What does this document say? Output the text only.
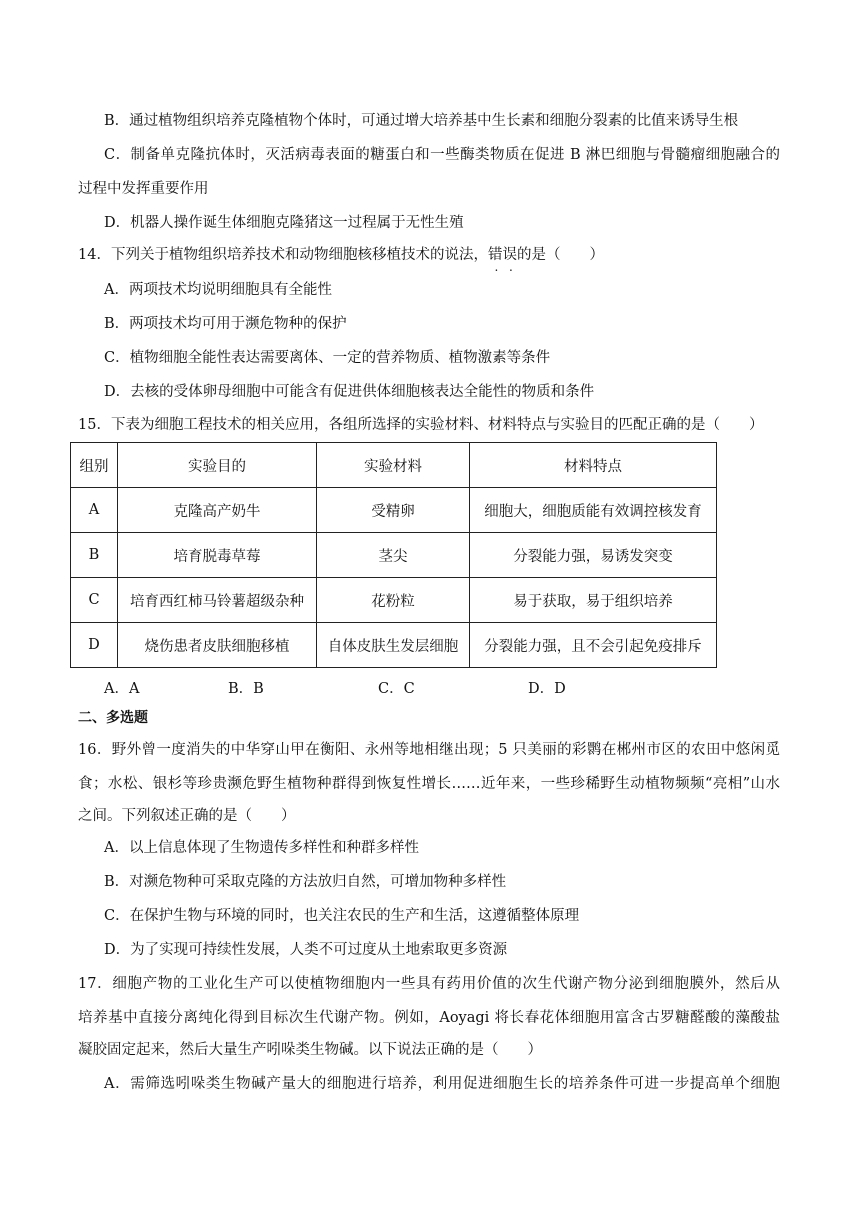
B．通过植物组织培养克隆植物个体时，可通过增大培养基中生长素和细胞分裂素的比值来诱导生根
C．制备单克隆抗体时，灭活病毒表面的糖蛋白和一些酶类物质在促进 B 淋巴细胞与骨髓瘤细胞融合的
过程中发挥重要作用
D．机器人操作诞生体细胞克隆猪这一过程属于无性生殖
14．下列关于植物组织培养技术和动物细胞核移植技术的说法，错误的是（　　）
A．两项技术均说明细胞具有全能性
B．两项技术均可用于濒危物种的保护
C．植物细胞全能性表达需要离体、一定的营养物质、植物激素等条件
D．去核的受体卵母细胞中可能含有促进供体细胞核表达全能性的物质和条件
15．下表为细胞工程技术的相关应用，各组所选择的实验材料、材料特点与实验目的匹配正确的是（　　）
组别	实验目的	实验材料	材料特点
A	克隆高产奶牛	受精卵	细胞大，细胞质能有效调控核发育
B	培育脱毒草莓	茎尖	分裂能力强，易诱发突变
C	培育西红柿马铃薯超级杂种	花粉粒	易于获取，易于组织培养
D	烧伤患者皮肤细胞移植	自体皮肤生发层细胞	分裂能力强，且不会引起免疫排斥
A．A	B．B	C．C	D．D
二、多选题
16．野外曾一度消失的中华穿山甲在衡阳、永州等地相继出现；5 只美丽的彩鹮在郴州市区的农田中悠闲觅
食；水松、银杉等珍贵濒危野生植物种群得到恢复性增长……近年来，一些珍稀野生动植物频频“亮相”山水
之间。下列叙述正确的是（　　）
A．以上信息体现了生物遗传多样性和种群多样性
B．对濒危物种可采取克隆的方法放归自然，可增加物种多样性
C．在保护生物与环境的同时，也关注农民的生产和生活，这遵循整体原理
D．为了实现可持续性发展，人类不可过度从土地索取更多资源
17．细胞产物的工业化生产可以使植物细胞内一些具有药用价值的次生代谢产物分泌到细胞膜外，然后从
培养基中直接分离纯化得到目标次生代谢产物。例如，Aoyagi 将长春花体细胞用富含古罗糖醛酸的藻酸盐
凝胶固定起来，然后大量生产吲哚类生物碱。以下说法正确的是（　　）
A．需筛选吲哚类生物碱产量大的细胞进行培养，利用促进细胞生长的培养条件可进一步提高单个细胞
